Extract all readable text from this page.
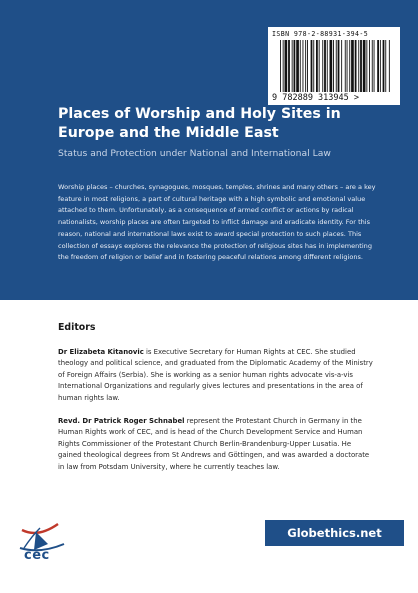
ISBN 978-2-88931-394-5
9 782889 313945 >
Places of Worship and Holy Sites in Europe and the Middle East

Status and Protection under National and International Law

Worship places – churches, synagogues, mosques, temples, shrines and many others – are a key feature in most religions, a part of cultural heritage with a high symbolic and emotional value attached to them. Unfortunately, as a consequence of armed conflict or actions by radical nationalists, worship places are often targeted to inflict damage and eradicate identity. For this reason, national and international laws exist to award special protection to such places. This collection of essays explores the relevance the protection of religious sites has in implementing the freedom of religion or belief and in fostering peaceful relations among different religions.

Editors

Dr Elizabeta Kitanovic is Executive Secretary for Human Rights at CEC. She studied theology and political science, and graduated from the Diplomatic Academy of the Ministry of Foreign Affairs (Serbia). She is working as a senior human rights advocate vis-a-vis International Organizations and regularly gives lectures and presentations in the area of human rights law.

Revd. Dr Patrick Roger Schnabel represent the Protestant Church in Germany in the Human Rights work of CEC, and is head of the Church Development Service and Human Rights Commissioner of the Protestant Church Berlin-Brandenburg-Upper Lusatia. He gained theological degrees from St Andrews and Göttingen, and was awarded a doctorate in law from Potsdam University, where he currently teaches law.

cec
Globethics.net
